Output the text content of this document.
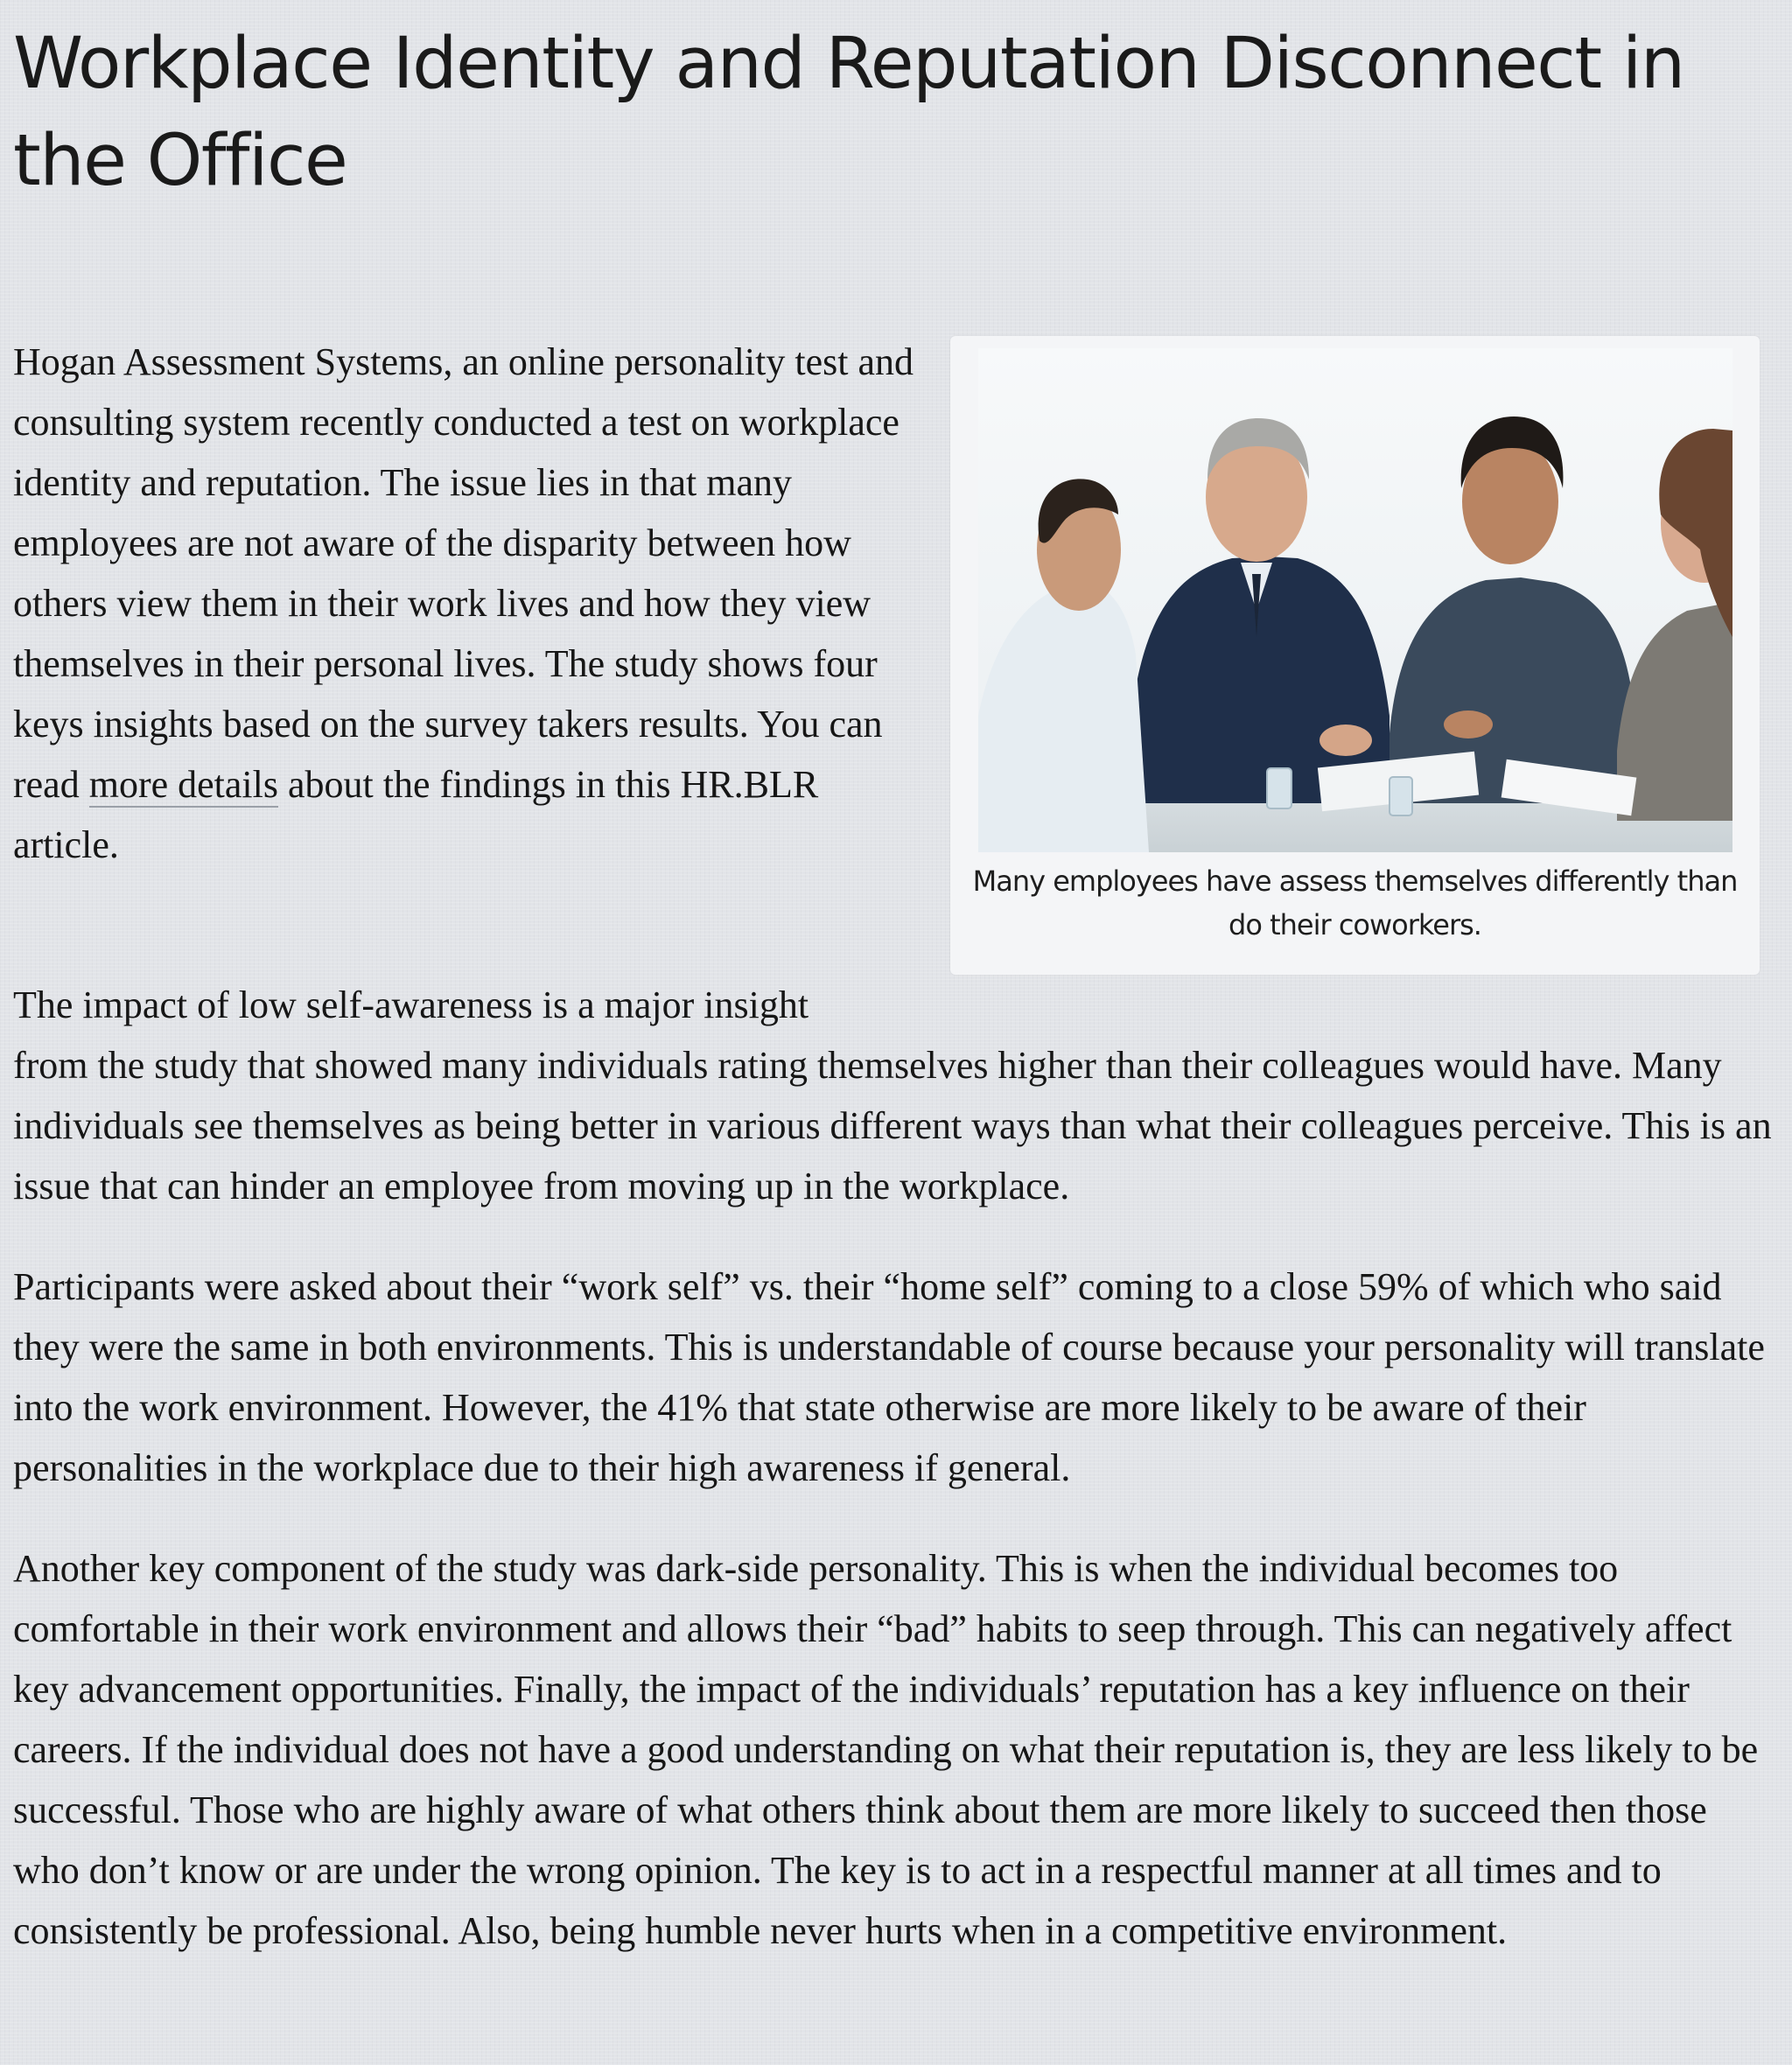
Workplace Identity and Reputation Disconnect in the Office

Hogan Assessment Systems, an online personality test and consulting system recently conducted a test on workplace identity and reputation. The issue lies in that many employees are not aware of the disparity between how others view them in their work lives and how they view themselves in their personal lives. The study shows four keys insights based on the survey takers results. You can read more details about the findings in this HR.BLR article.

Many employees have assess themselves differently than do their coworkers.

The impact of low self-awareness is a major insight
from the study that showed many individuals rating themselves higher than their colleagues would have. Many individuals see themselves as being better in various different ways than what their colleagues perceive. This is an issue that can hinder an employee from moving up in the workplace.

Participants were asked about their “work self” vs. their “home self” coming to a close 59% of which who said they were the same in both environments. This is understandable of course because your personality will translate into the work environment. However, the 41% that state otherwise are more likely to be aware of their personalities in the workplace due to their high awareness if general.

Another key component of the study was dark-side personality. This is when the individual becomes too comfortable in their work environment and allows their “bad” habits to seep through. This can negatively affect key advancement opportunities. Finally, the impact of the individuals’ reputation has a key influence on their careers. If the individual does not have a good understanding on what their reputation is, they are less likely to be successful. Those who are highly aware of what others think about them are more likely to succeed then those who don’t know or are under the wrong opinion. The key is to act in a respectful manner at all times and to consistently be professional. Also, being humble never hurts when in a competitive environment.
